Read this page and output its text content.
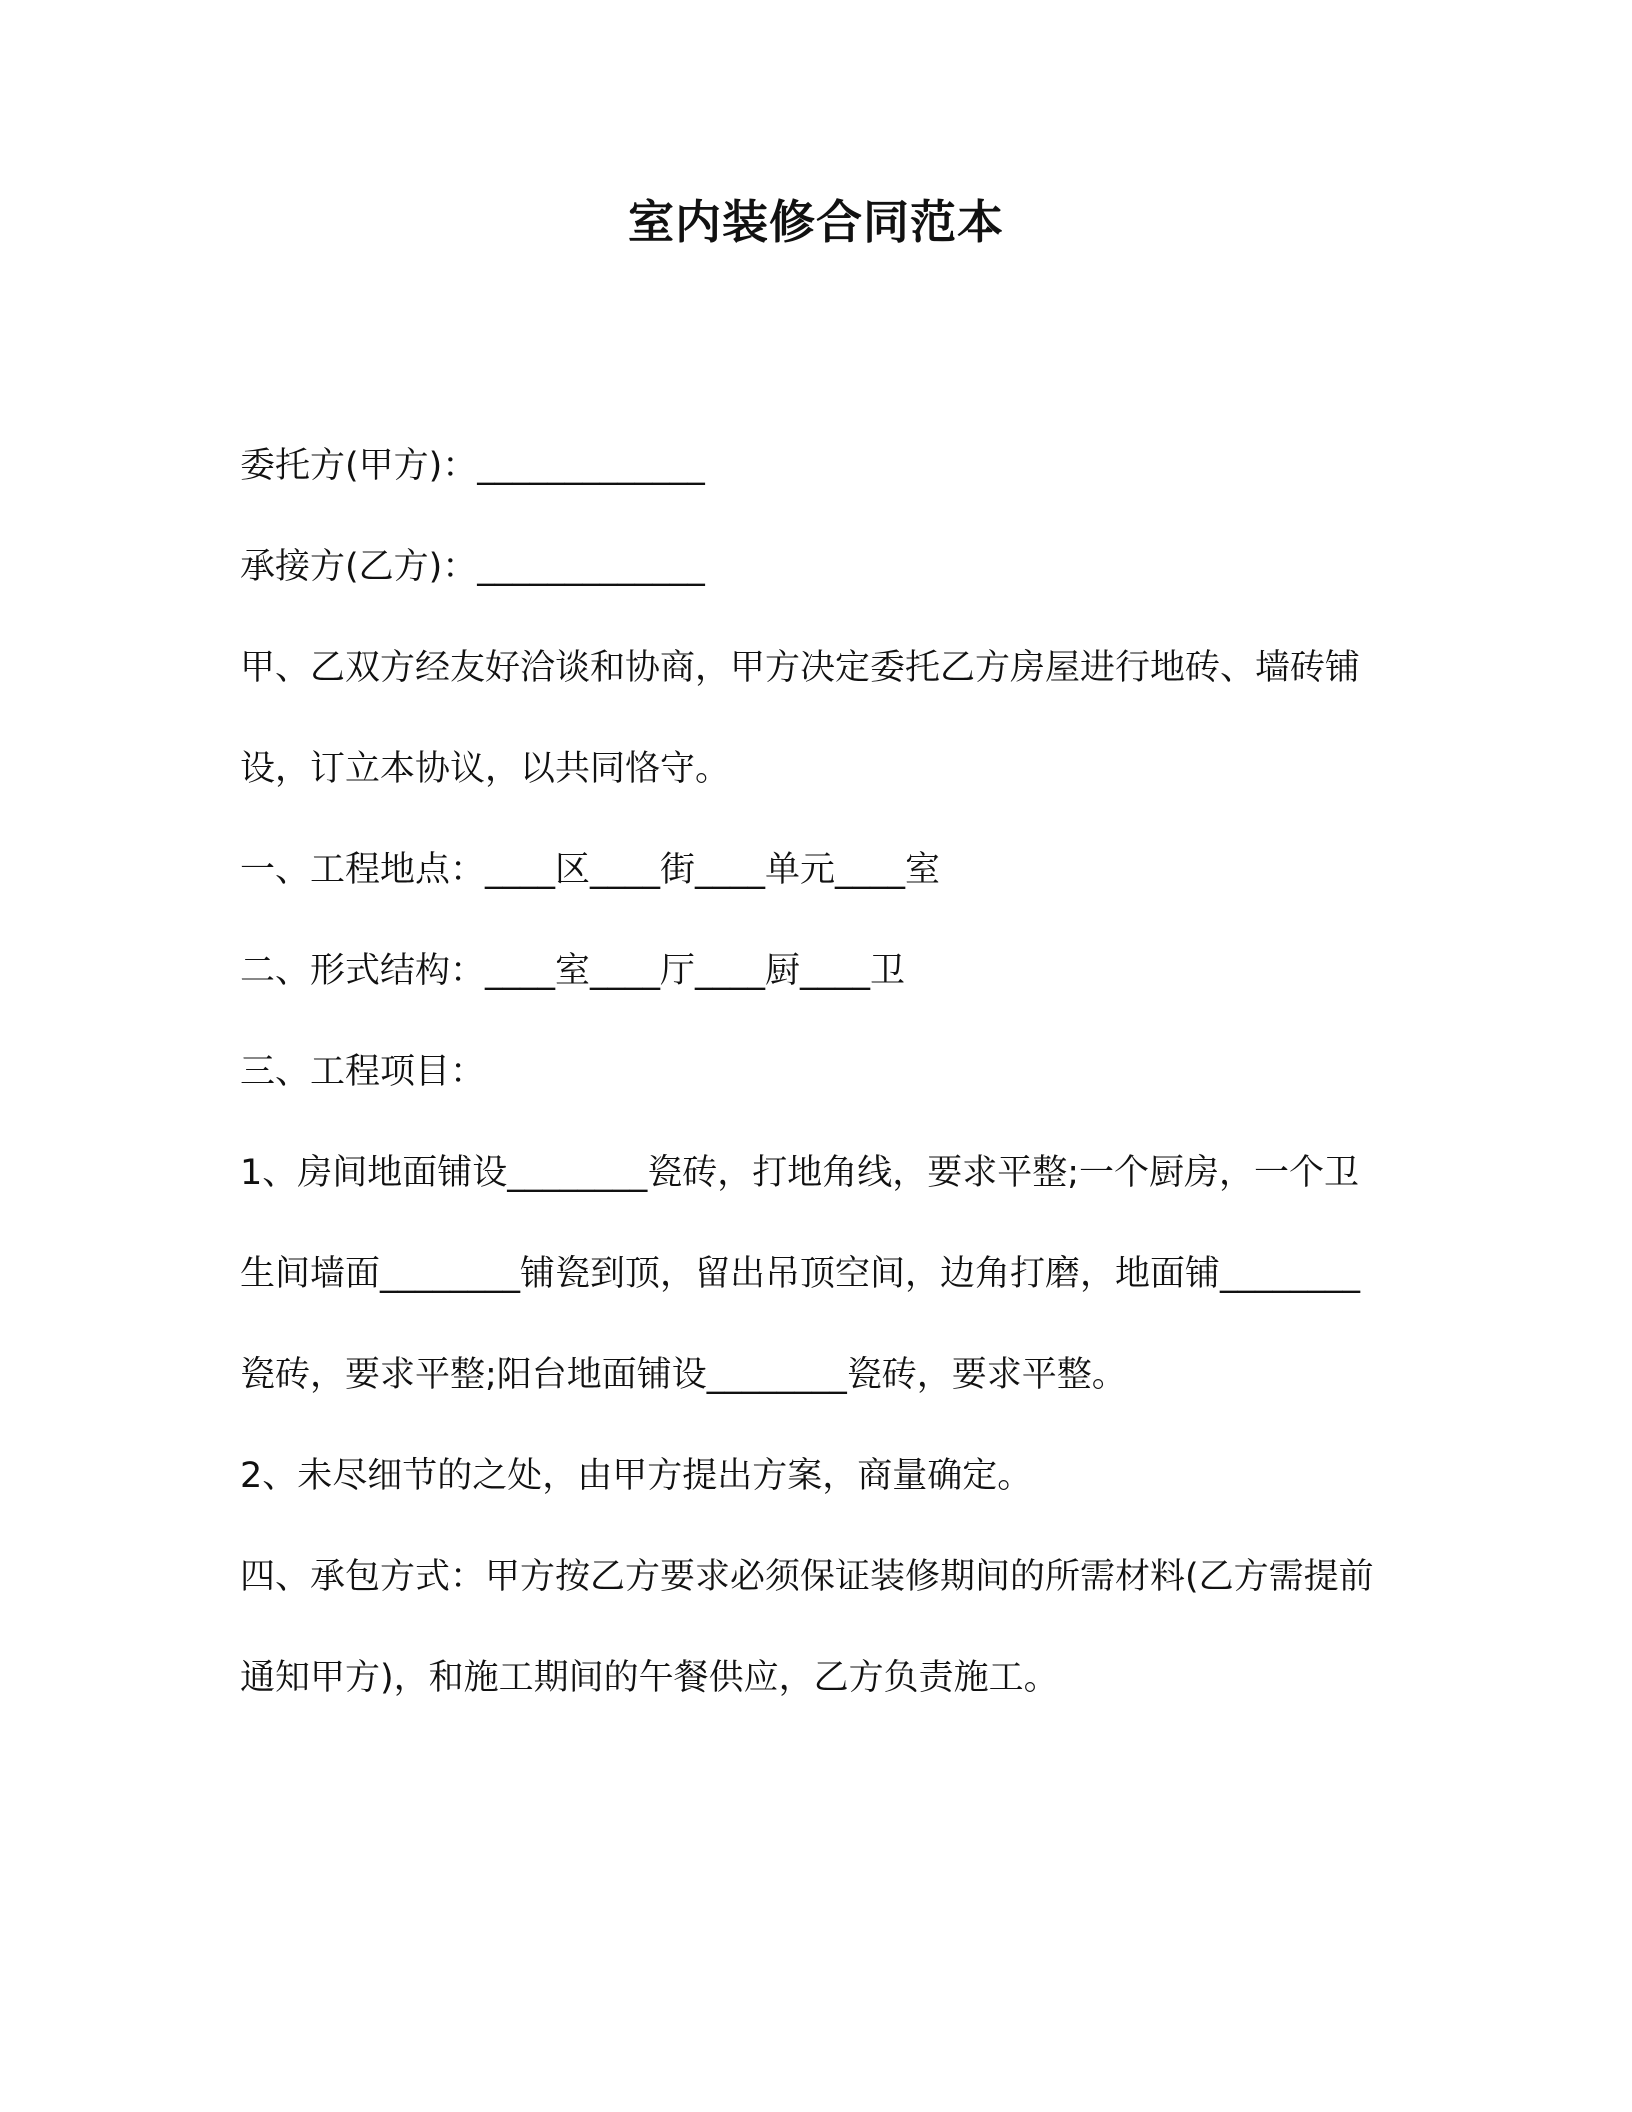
室内装修合同范本

委托方(甲方)：_____________

承接方(乙方)：_____________

甲、乙双方经友好洽谈和协商，甲方决定委托乙方房屋进行地砖、墙砖铺设，订立本协议，以共同恪守。

一、工程地点：____区____街____单元____室

二、形式结构：____室____厅____厨____卫

三、工程项目：

1、房间地面铺设________瓷砖，打地角线，要求平整;一个厨房，一个卫生间墙面________铺瓷到顶，留出吊顶空间，边角打磨，地面铺________瓷砖，要求平整;阳台地面铺设________瓷砖，要求平整。

2、未尽细节的之处，由甲方提出方案，商量确定。

四、承包方式：甲方按乙方要求必须保证装修期间的所需材料(乙方需提前通知甲方)，和施工期间的午餐供应，乙方负责施工。
